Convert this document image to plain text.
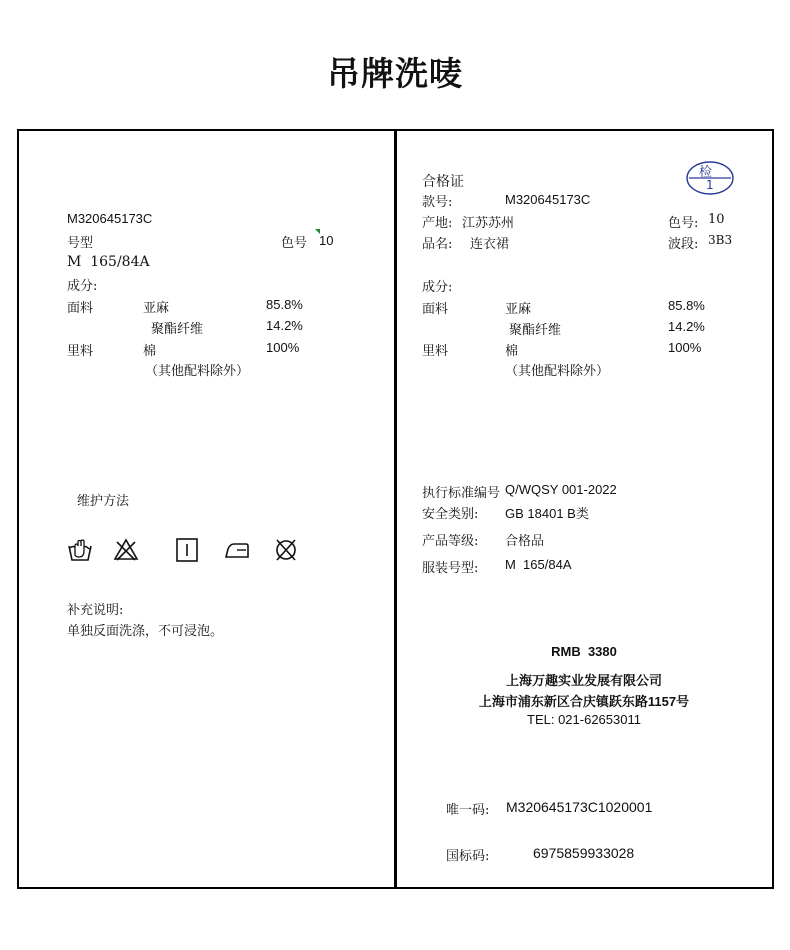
吊牌洗唛
M320645173C
号型	色号 10
M  165/84A
成分:
面料	亚麻	85.8%
聚酯纤维	14.2%
里料	棉	100%
（其他配料除外）
维护方法
补充说明:
单独反面洗涤，不可浸泡。
合格证
检
1
款号:	M320645173C
产地: 江苏苏州	色号: 10
品名: 连衣裙	波段: 3B3
成分:
面料	亚麻	85.8%
聚酯纤维	14.2%
里料	棉	100%
（其他配料除外）
执行标准编号 Q/WQSY 001-2022
安全类别: GB 18401 B类
产品等级: 合格品
服装号型: M  165/84A
RMB  3380
上海万趣实业发展有限公司
上海市浦东新区合庆镇跃东路1157号
TEL: 021-62653011
唯一码: M320645173C1020001
国标码:	6975859933028
